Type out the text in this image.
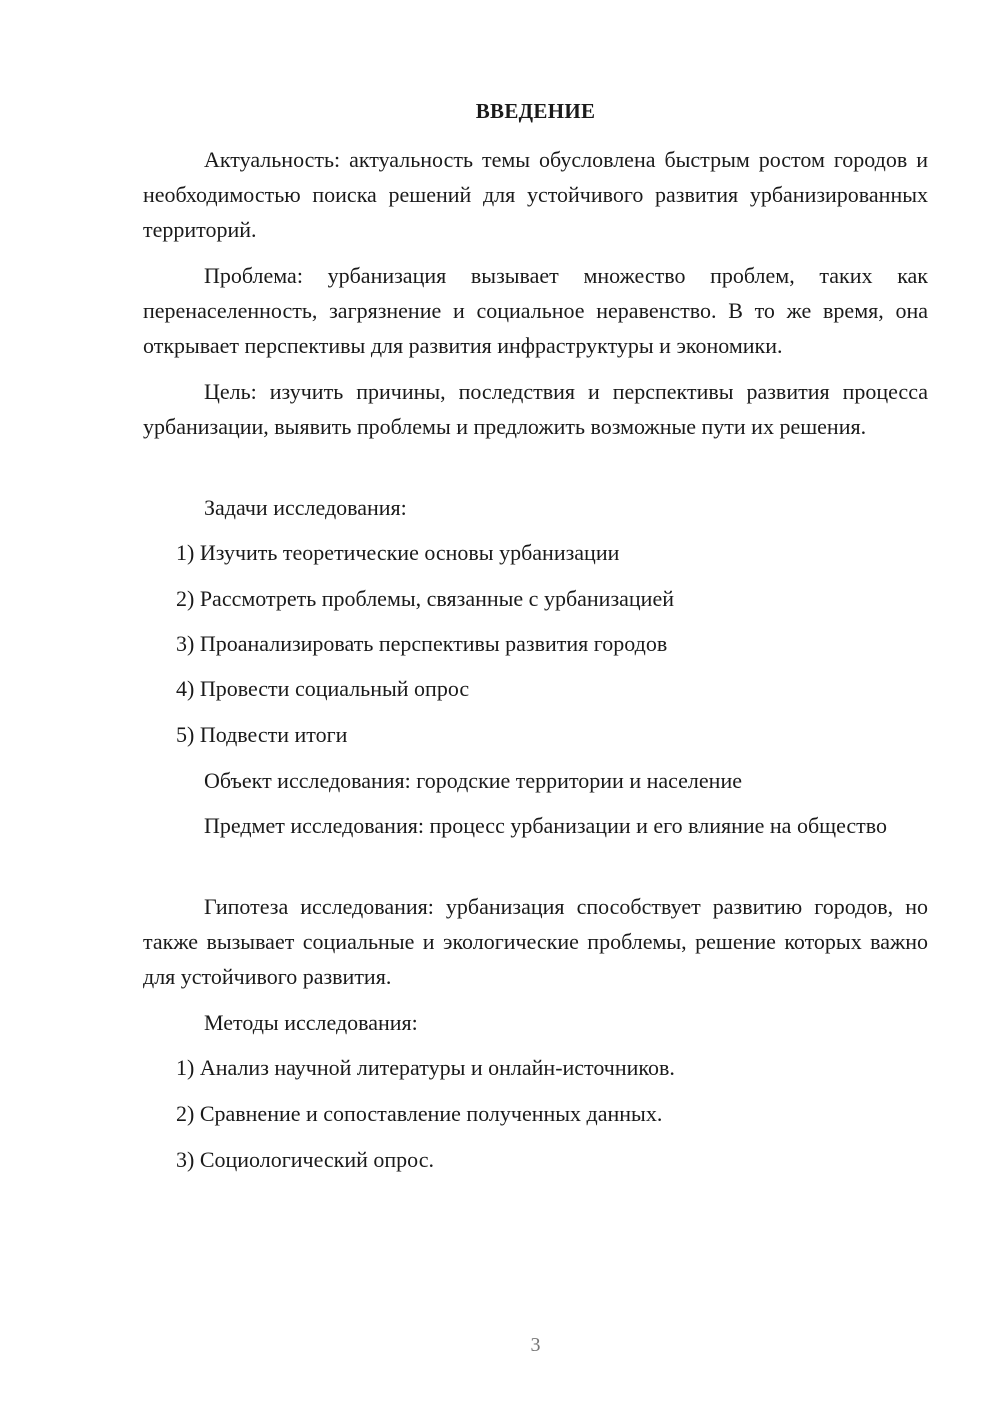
ВВЕДЕНИЕ

Актуальность: актуальность темы обусловлена быстрым ростом городов и необходимостью поиска решений для устойчивого развития урбанизированных территорий.

Проблема: урбанизация вызывает множество проблем, таких как перенаселенность, загрязнение и социальное неравенство. В то же время, она открывает перспективы для развития инфраструктуры и экономики.

Цель: изучить причины, последствия и перспективы развития процесса урбанизации, выявить проблемы и предложить возможные пути их решения.

Задачи исследования:

1) Изучить теоретические основы урбанизации

2) Рассмотреть проблемы, связанные с урбанизацией

3) Проанализировать перспективы развития городов

4) Провести социальный опрос

5) Подвести итоги

Объект исследования: городские территории и население

Предмет исследования: процесс урбанизации и его влияние на общество

Гипотеза исследования: урбанизация способствует развитию городов, но также вызывает социальные и экологические проблемы, решение которых важно для устойчивого развития.

Методы исследования:

1) Анализ научной литературы и онлайн-источников.

2) Сравнение и сопоставление полученных данных.

3) Социологический опрос.

3
